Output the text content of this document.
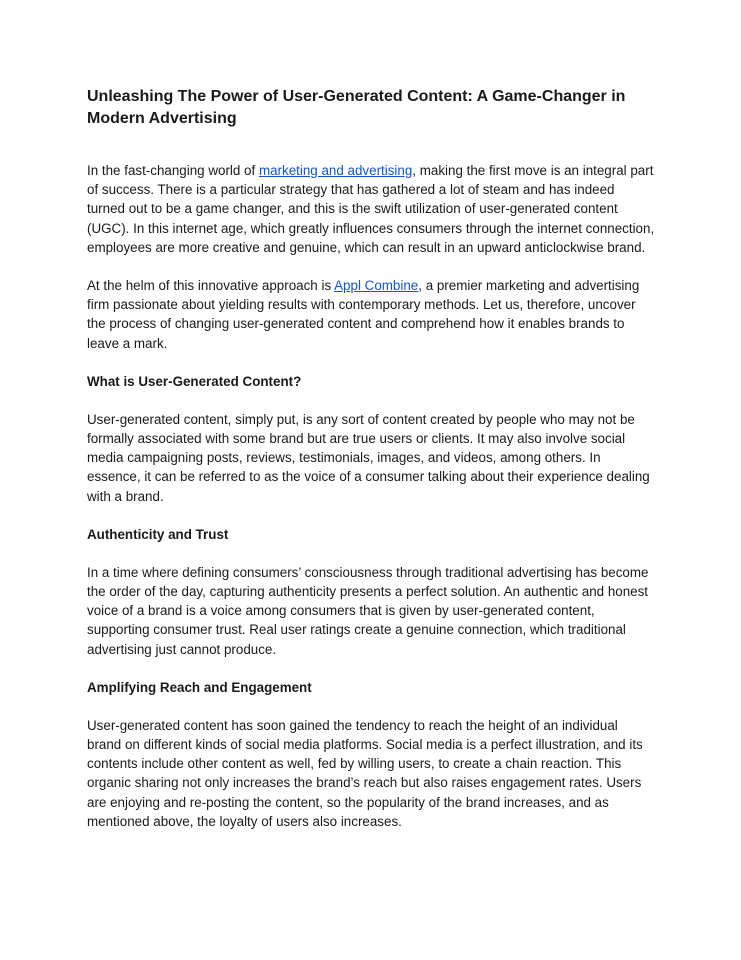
Unleashing The Power of User-Generated Content: A Game-Changer in Modern Advertising

In the fast-changing world of marketing and advertising, making the first move is an integral part of success. There is a particular strategy that has gathered a lot of steam and has indeed turned out to be a game changer, and this is the swift utilization of user-generated content (UGC). In this internet age, which greatly influences consumers through the internet connection, employees are more creative and genuine, which can result in an upward anticlockwise brand.

At the helm of this innovative approach is Appl Combine, a premier marketing and advertising firm passionate about yielding results with contemporary methods. Let us, therefore, uncover the process of changing user-generated content and comprehend how it enables brands to leave a mark.

What is User-Generated Content?

User-generated content, simply put, is any sort of content created by people who may not be formally associated with some brand but are true users or clients. It may also involve social media campaigning posts, reviews, testimonials, images, and videos, among others. In essence, it can be referred to as the voice of a consumer talking about their experience dealing with a brand.

Authenticity and Trust

In a time where defining consumers’ consciousness through traditional advertising has become the order of the day, capturing authenticity presents a perfect solution. An authentic and honest voice of a brand is a voice among consumers that is given by user-generated content, supporting consumer trust. Real user ratings create a genuine connection, which traditional advertising just cannot produce.

Amplifying Reach and Engagement

User-generated content has soon gained the tendency to reach the height of an individual brand on different kinds of social media platforms. Social media is a perfect illustration, and its contents include other content as well, fed by willing users, to create a chain reaction. This organic sharing not only increases the brand’s reach but also raises engagement rates. Users are enjoying and re-posting the content, so the popularity of the brand increases, and as mentioned above, the loyalty of users also increases.
